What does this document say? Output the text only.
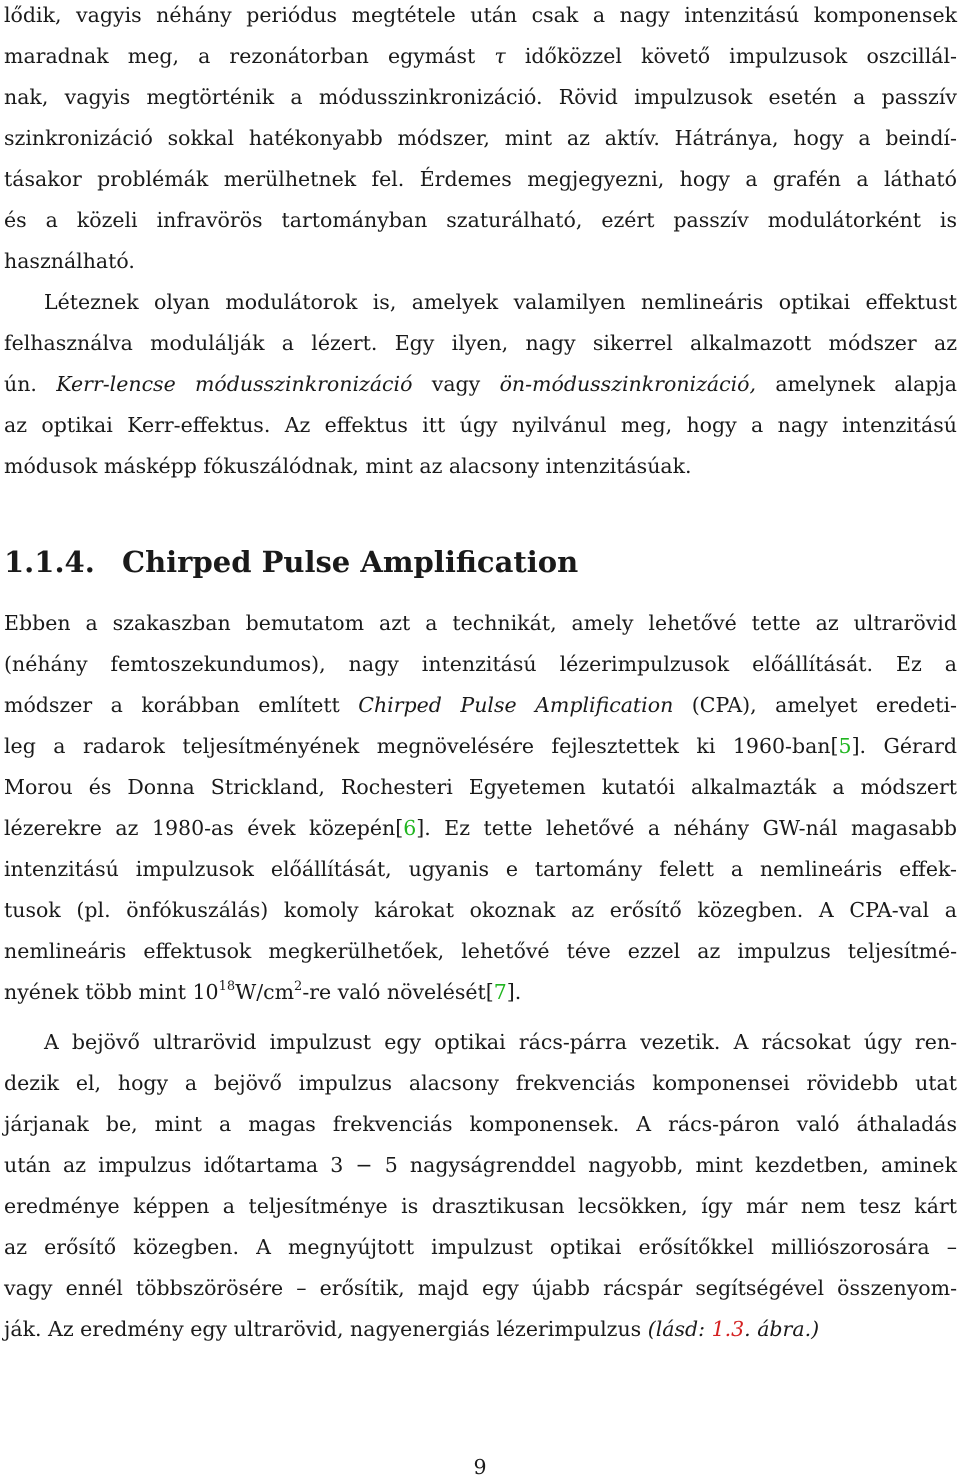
lődik, vagyis néhány periódus megtétele után csak a nagy intenzitású komponensek
maradnak meg, a rezonátorban egymást τ időközzel követő impulzusok oszcillál-
nak, vagyis megtörténik a módusszinkronizáció. Rövid impulzusok esetén a passzív
szinkronizáció sokkal hatékonyabb módszer, mint az aktív. Hátránya, hogy a beindí-
tásakor problémák merülhetnek fel. Érdemes megjegyezni, hogy a grafén a látható
és a közeli infravörös tartományban szaturálható, ezért passzív modulátorként is
használható.
Léteznek olyan modulátorok is, amelyek valamilyen nemlineáris optikai effektust
felhasználva modulálják a lézert. Egy ilyen, nagy sikerrel alkalmazott módszer az
ún. Kerr-lencse módusszinkronizáció vagy ön-módusszinkronizáció, amelynek alapja
az optikai Kerr-effektus. Az effektus itt úgy nyilvánul meg, hogy a nagy intenzitású
módusok másképp fókuszálódnak, mint az alacsony intenzitásúak.
1.1.4. Chirped Pulse Amplification
Ebben a szakaszban bemutatom azt a technikát, amely lehetővé tette az ultrarövid
(néhány femtoszekundumos), nagy intenzitású lézerimpulzusok előállítását. Ez a
módszer a korábban említett Chirped Pulse Amplification (CPA), amelyet eredeti-
leg a radarok teljesítményének megnövelésére fejlesztettek ki 1960-ban[5]. Gérard
Morou és Donna Strickland, Rochesteri Egyetemen kutatói alkalmazták a módszert
lézerekre az 1980-as évek közepén[6]. Ez tette lehetővé a néhány GW-nál magasabb
intenzitású impulzusok előállítását, ugyanis e tartomány felett a nemlineáris effek-
tusok (pl. önfókuszálás) komoly károkat okoznak az erősítő közegben. A CPA-val a
nemlineáris effektusok megkerülhetőek, lehetővé téve ezzel az impulzus teljesítmé-
nyének több mint $10^{18}W/cm^2-re$ való növelését[7].
A bejövő ultrarövid impulzust egy optikai rács-párra vezetik. A rácsokat úgy ren-
dezik el, hogy a bejövő impulzus alacsony frekvenciás komponensei rövidebb utat
járjanak be, mint a magas frekvenciás komponensek. A rács-páron való áthaladás
után az impulzus időtartama 3 − 5 nagyságrenddel nagyobb, mint kezdetben, aminek
eredménye képpen a teljesítménye is drasztikusan lecsökken, így már nem tesz kárt
az erősítő közegben. A megnyújtott impulzust optikai erősítőkkel milliószorosára –
vagy ennél többszörösére – erősítik, majd egy újabb rácspár segítségével összenyom-
ják. Az eredmény egy ultrarövid, nagyenergiás lézerimpulzus (lásd: 1.3. ábra.)
9
